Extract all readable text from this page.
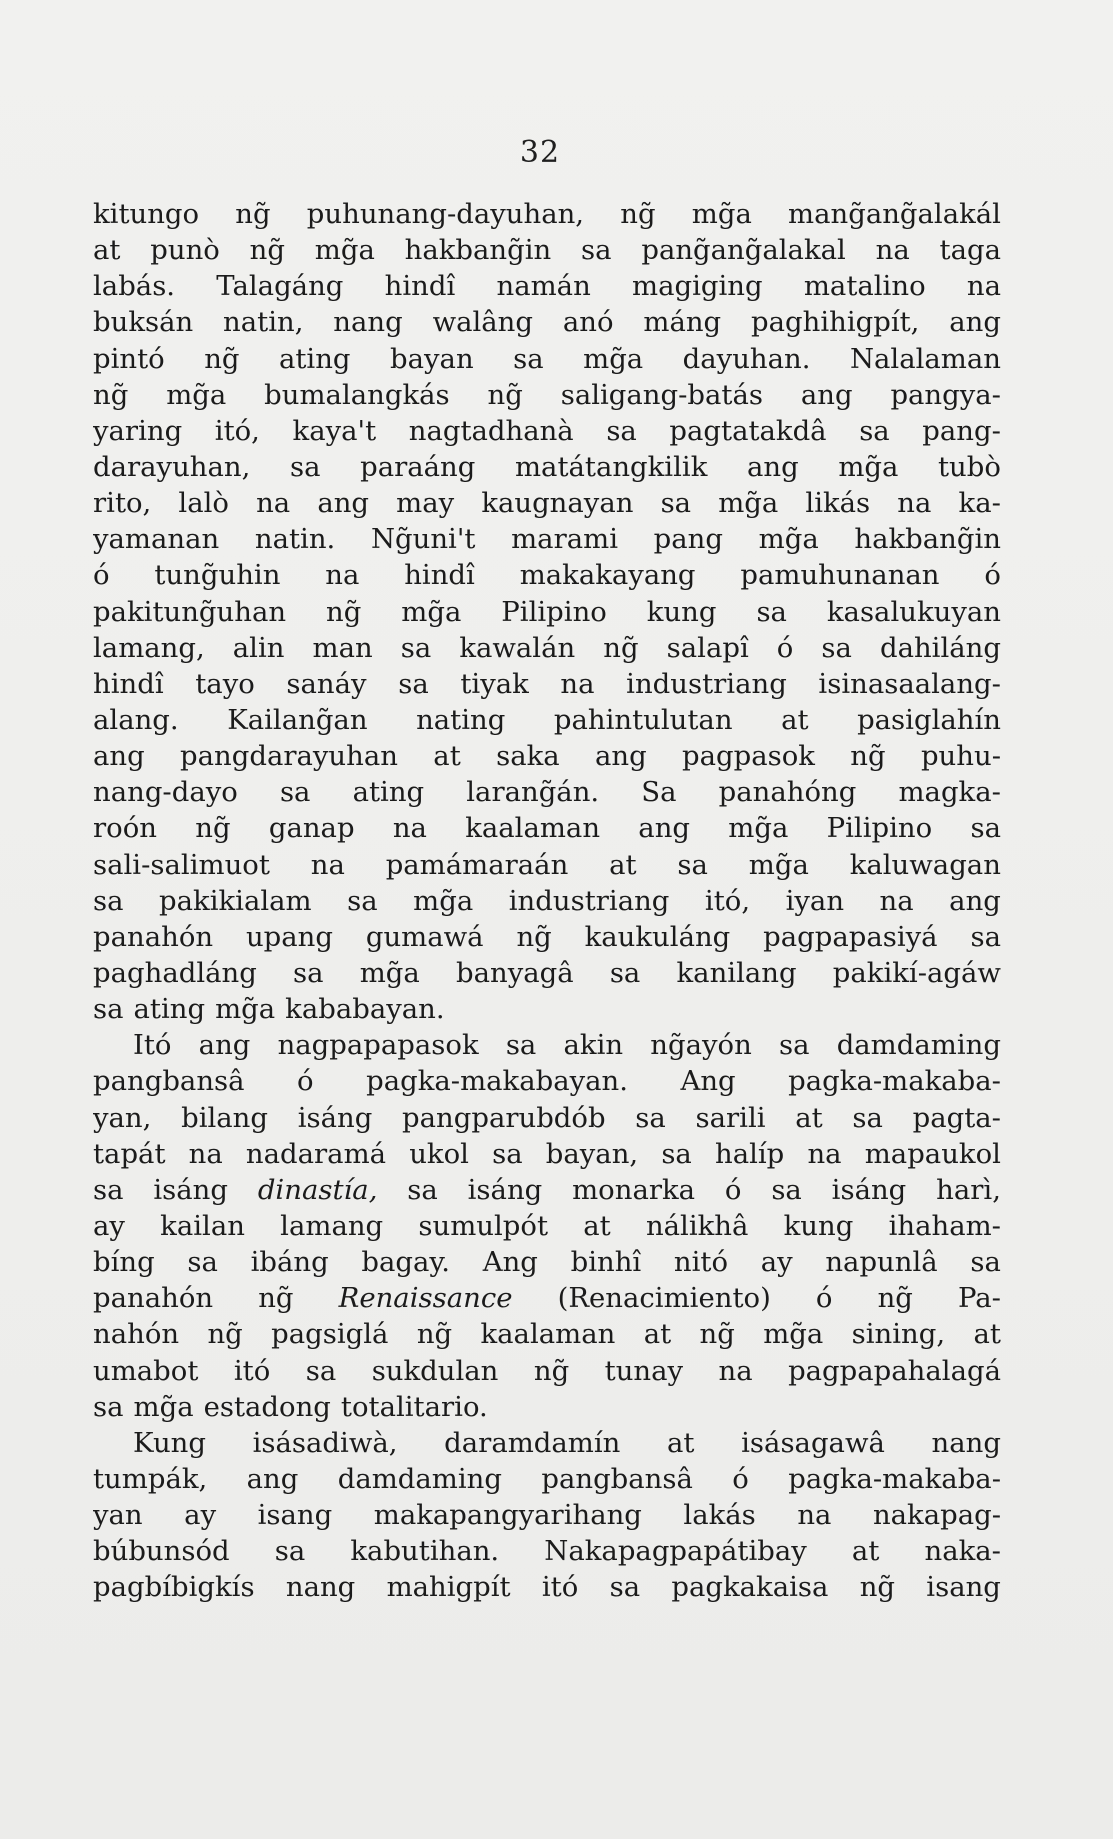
32
kitungo ng̃ puhunang-dayuhan, ng̃ mg̃a mang̃ang̃alakál
at punò ng̃ mg̃a hakbang̃in sa pang̃ang̃alakal na taga
labás. Talagáng hindî namán magiging matalino na
buksán natin, nang walâng anó máng paghihigpít, ang
pintó ng̃ ating bayan sa mg̃a dayuhan. Nalalaman
ng̃ mg̃a bumalangkás ng̃ saligang-batás ang pangya-
yaring itó, kaya't nagtadhanà sa pagtatakdâ sa pang-
darayuhan, sa paraáng matátangkilik ang mg̃a tubò
rito, lalò na ang may kaugnayan sa mg̃a likás na ka-
yamanan natin. Ng̃uni't marami pang mg̃a hakbang̃in
ó tung̃uhin na hindî makakayang pamuhunanan ó
pakitung̃uhan ng̃ mg̃a Pilipino kung sa kasalukuyan
lamang, alin man sa kawalán ng̃ salapî ó sa dahiláng
hindî tayo sanáy sa tiyak na industriang isinasaalang-
alang. Kailang̃an nating pahintulutan at pasiglahín
ang pangdarayuhan at saka ang pagpasok ng̃ puhu-
nang-dayo sa ating larang̃án. Sa panahóng magka-
roón ng̃ ganap na kaalaman ang mg̃a Pilipino sa
sali-salimuot na pamámaraán at sa mg̃a kaluwagan
sa pakikialam sa mg̃a industriang itó, iyan na ang
panahón upang gumawá ng̃ kaukuláng pagpapasiyá sa
paghadláng sa mg̃a banyagâ sa kanilang pakikí-agáw
sa ating mg̃a kababayan.
Itó ang nagpapapasok sa akin ng̃ayón sa damdaming
pangbansâ ó pagka-makabayan. Ang pagka-makaba-
yan, bilang isáng pangparubdób sa sarili at sa pagta-
tapát na nadaramá ukol sa bayan, sa halíp na mapaukol
sa isáng dinastía, sa isáng monarka ó sa isáng harì,
ay kailan lamang sumulpót at nálikhâ kung ihaham-
bíng sa ibáng bagay. Ang binhî nitó ay napunlâ sa
panahón ng̃ Renaissance (Renacimiento) ó ng̃ Pa-
nahón ng̃ pagsiglá ng̃ kaalaman at ng̃ mg̃a sining, at
umabot itó sa sukdulan ng̃ tunay na pagpapahalagá
sa mg̃a estadong totalitario.
Kung isásadiwà, daramdamín at isásagawâ nang
tumpák, ang damdaming pangbansâ ó pagka-makaba-
yan ay isang makapangyarihang lakás na nakapag-
búbunsód sa kabutihan. Nakapagpapátibay at naka-
pagbíbigkís nang mahigpít itó sa pagkakaisa ng̃ isang
